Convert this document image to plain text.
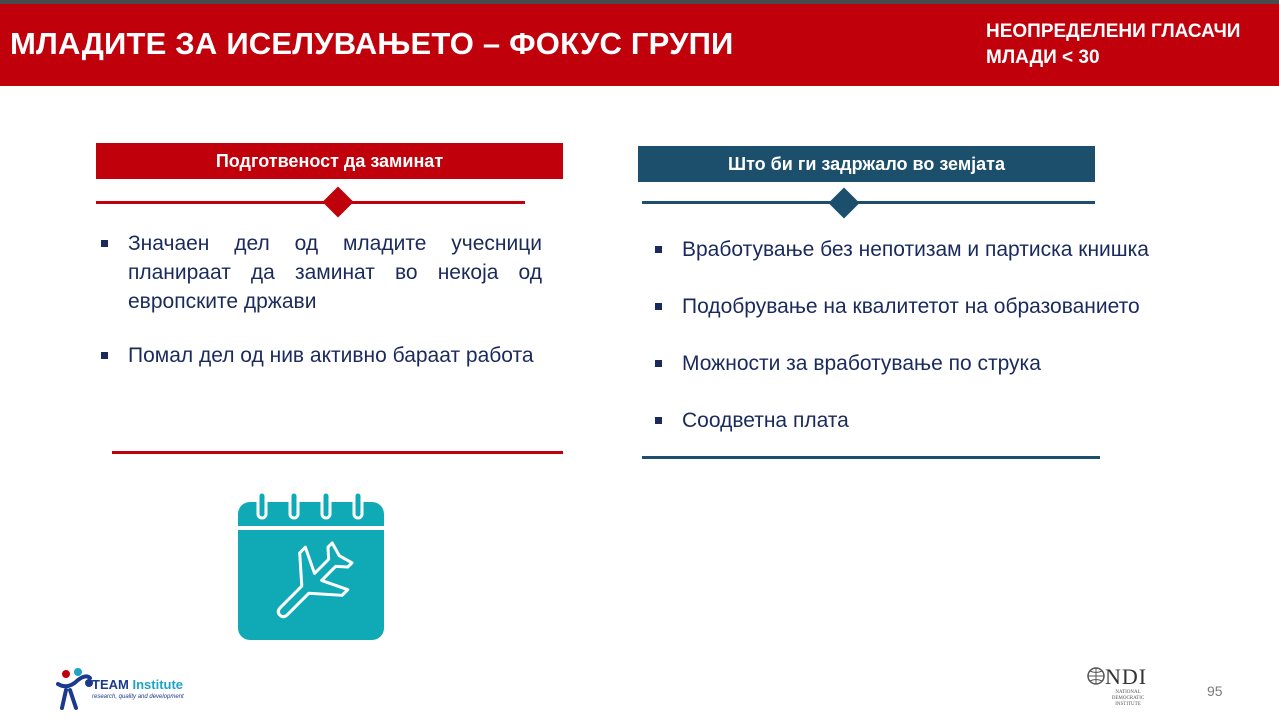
МЛАДИТЕ ЗА ИСЕЛУВАЊЕТО – ФОКУС ГРУПИ	НЕОПРЕДЕЛЕНИ ГЛАСАЧИ
МЛАДИ < 30
Подготвеност да заминат
Значаен дел од младите учесници планираат да заминат во некоја од европските држави
Помал дел од нив активно бараат работа
Што би ги задржало во земјата
Вработување без непотизам и партиска книшка
Подобрување на квалитетот на образованието
Можности за вработување по струка
Соодветна плата
TEAM Institute
research, quality and development
NDI
NATIONAL DEMOCRATIC INSTITUTE
95
